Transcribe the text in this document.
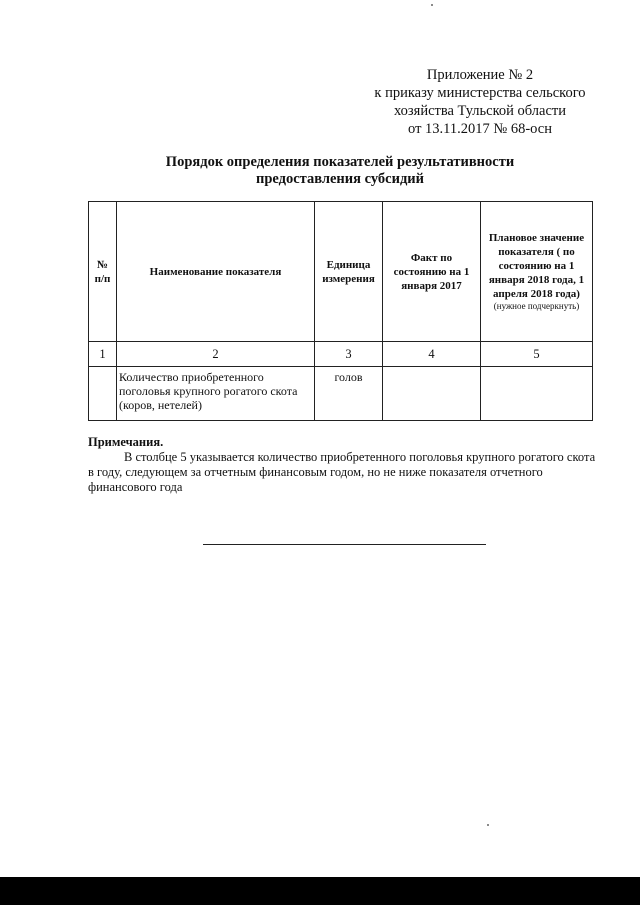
Приложение № 2
к приказу министерства сельского
хозяйства Тульской области
от 13.11.2017 № 68-осн
Порядок определения показателей результативности
предоставления субсидий
№ п/п	Наименование показателя	Единица измерения	Факт по состоянию на 1 января 2017	Плановое значение показателя ( по состоянию на 1 января 2018 года, 1 апреля 2018 года)
(нужное подчеркнуть)

1	2	3	4	5
	Количество приобретенного поголовья крупного рогатого скота (коров, нетелей)	голов		
Примечания.
В столбце 5 указывается количество приобретенного поголовья крупного рогатого скота в году, следующем за отчетным финансовым годом, но не ниже показателя отчетного финансового года
